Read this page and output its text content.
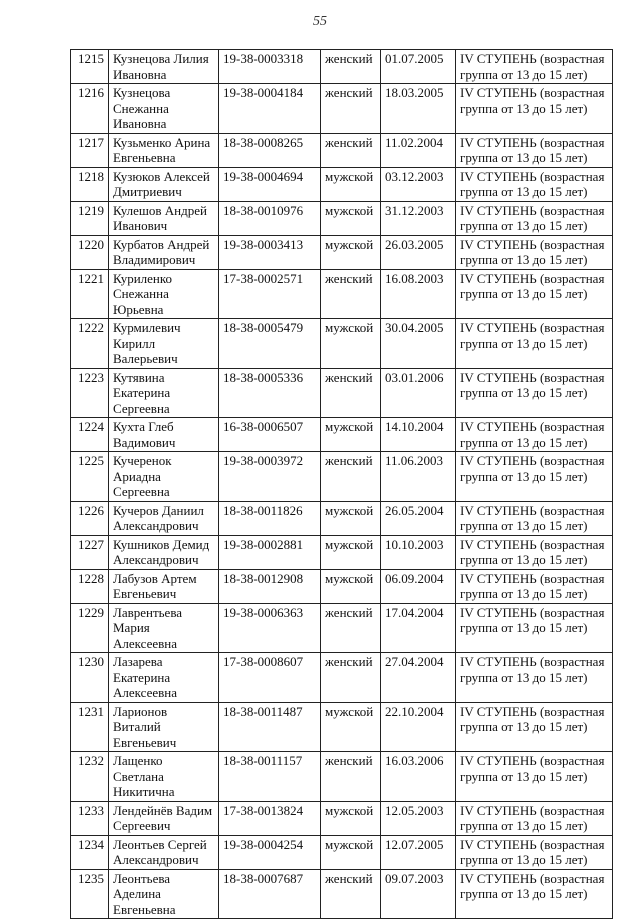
55
1215	Кузнецова Лилия
Ивановна	19-38-0003318	женский	01.07.2005	IV СТУПЕНЬ (возрастная группа от 13 до 15 лет)
1216	Кузнецова
Снежанна
Ивановна	19-38-0004184	женский	18.03.2005	IV СТУПЕНЬ (возрастная группа от 13 до 15 лет)
1217	Кузьменко Арина
Евгеньевна	18-38-0008265	женский	11.02.2004	IV СТУПЕНЬ (возрастная группа от 13 до 15 лет)
1218	Кузюков Алексей
Дмитриевич	19-38-0004694	мужской	03.12.2003	IV СТУПЕНЬ (возрастная группа от 13 до 15 лет)
1219	Кулешов Андрей
Иванович	18-38-0010976	мужской	31.12.2003	IV СТУПЕНЬ (возрастная группа от 13 до 15 лет)
1220	Курбатов Андрей
Владимирович	19-38-0003413	мужской	26.03.2005	IV СТУПЕНЬ (возрастная группа от 13 до 15 лет)
1221	Куриленко
Снежанна
Юрьевна	17-38-0002571	женский	16.08.2003	IV СТУПЕНЬ (возрастная группа от 13 до 15 лет)
1222	Курмилевич
Кирилл
Валерьевич	18-38-0005479	мужской	30.04.2005	IV СТУПЕНЬ (возрастная группа от 13 до 15 лет)
1223	Кутявина
Екатерина
Сергеевна	18-38-0005336	женский	03.01.2006	IV СТУПЕНЬ (возрастная группа от 13 до 15 лет)
1224	Кухта Глеб
Вадимович	16-38-0006507	мужской	14.10.2004	IV СТУПЕНЬ (возрастная группа от 13 до 15 лет)
1225	Кучеренок
Ариадна
Сергеевна	19-38-0003972	женский	11.06.2003	IV СТУПЕНЬ (возрастная группа от 13 до 15 лет)
1226	Кучеров Даниил
Александрович	18-38-0011826	мужской	26.05.2004	IV СТУПЕНЬ (возрастная группа от 13 до 15 лет)
1227	Кушников Демид
Александрович	19-38-0002881	мужской	10.10.2003	IV СТУПЕНЬ (возрастная группа от 13 до 15 лет)
1228	Лабузов Артем
Евгеньевич	18-38-0012908	мужской	06.09.2004	IV СТУПЕНЬ (возрастная группа от 13 до 15 лет)
1229	Лаврентьева
Мария
Алексеевна	19-38-0006363	женский	17.04.2004	IV СТУПЕНЬ (возрастная группа от 13 до 15 лет)
1230	Лазарева
Екатерина
Алексеевна	17-38-0008607	женский	27.04.2004	IV СТУПЕНЬ (возрастная группа от 13 до 15 лет)
1231	Ларионов
Виталий
Евгеньевич	18-38-0011487	мужской	22.10.2004	IV СТУПЕНЬ (возрастная группа от 13 до 15 лет)
1232	Лащенко
Светлана
Никитична	18-38-0011157	женский	16.03.2006	IV СТУПЕНЬ (возрастная группа от 13 до 15 лет)
1233	Лендейнёв Вадим
Сергеевич	17-38-0013824	мужской	12.05.2003	IV СТУПЕНЬ (возрастная группа от 13 до 15 лет)
1234	Леонтьев Сергей
Александрович	19-38-0004254	мужской	12.07.2005	IV СТУПЕНЬ (возрастная группа от 13 до 15 лет)
1235	Леонтьева
Аделина
Евгеньевна	18-38-0007687	женский	09.07.2003	IV СТУПЕНЬ (возрастная группа от 13 до 15 лет)
